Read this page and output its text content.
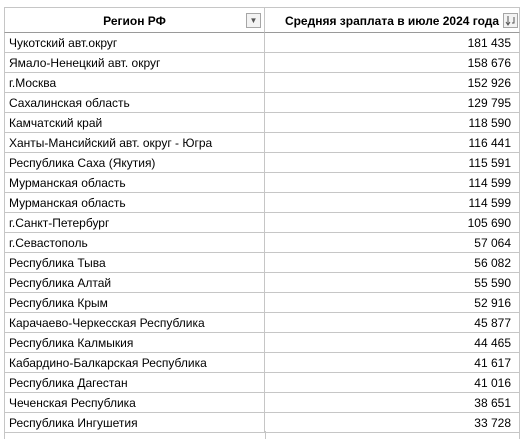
Регион РФ	▼	Средняя зраплата в июле 2024 года
Чукотский авт.округ	181 435
Ямало-Ненецкий авт. округ	158 676
г.Москва	152 926
Сахалинская область	129 795
Камчатский край	118 590
Ханты-Мансийский авт. округ - Югра	116 441
Республика Саха (Якутия)	115 591
Мурманская область	114 599
Мурманская область	114 599
г.Санкт-Петербург	105 690
г.Севастополь	57 064
Республика Тыва	56 082
Республика Алтай	55 590
Республика Крым	52 916
Карачаево-Черкесская Республика	45 877
Республика Калмыкия	44 465
Кабардино-Балкарская Республика	41 617
Республика Дагестан	41 016
Чеченская Республика	38 651
Республика Ингушетия	33 728
